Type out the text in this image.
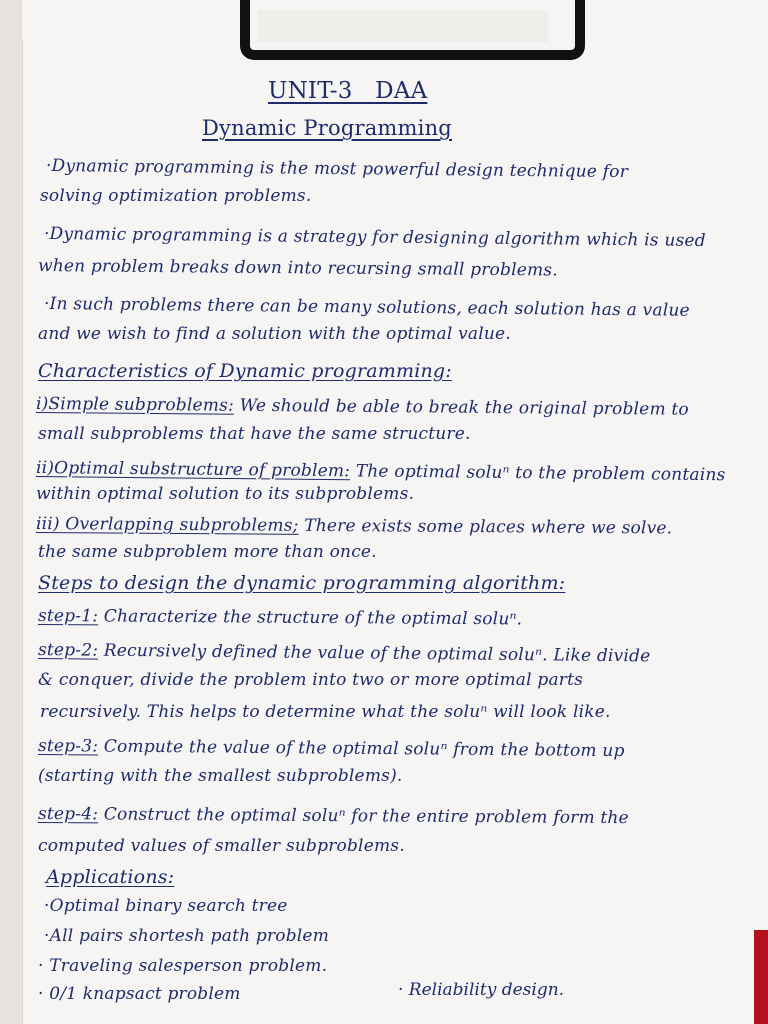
UNIT-3 DAA
Dynamic Programming
·Dynamic programming is the most powerful design technique for
solving optimization problems.
·Dynamic programming is a strategy for designing algorithm which is used
when problem breaks down into recursing small problems.
·In such problems there can be many solutions, each solution has a value
and we wish to find a solution with the optimal value.
Characteristics of Dynamic programming:
i)Simple subproblems: We should be able to break the original problem to
small subproblems that have the same structure.
ii)Optimal substructure of problem: The optimal soluⁿ to the problem contains
within optimal solution to its subproblems.
iii) Overlapping subproblems; There exists some places where we solve.
the same subproblem more than once.
Steps to design the dynamic programming algorithm:
step-1: Characterize the structure of the optimal soluⁿ.
step-2: Recursively defined the value of the optimal soluⁿ. Like divide
& conquer, divide the problem into two or more optimal parts
recursively. This helps to determine what the soluⁿ will look like.
step-3: Compute the value of the optimal soluⁿ from the bottom up
(starting with the smallest subproblems).
step-4: Construct the optimal soluⁿ for the entire problem form the
computed values of smaller subproblems.
Applications:
·Optimal binary search tree
·All pairs shortesh path problem
· Traveling salesperson problem.
· 0/1 knapsact problem	· Reliability design.
